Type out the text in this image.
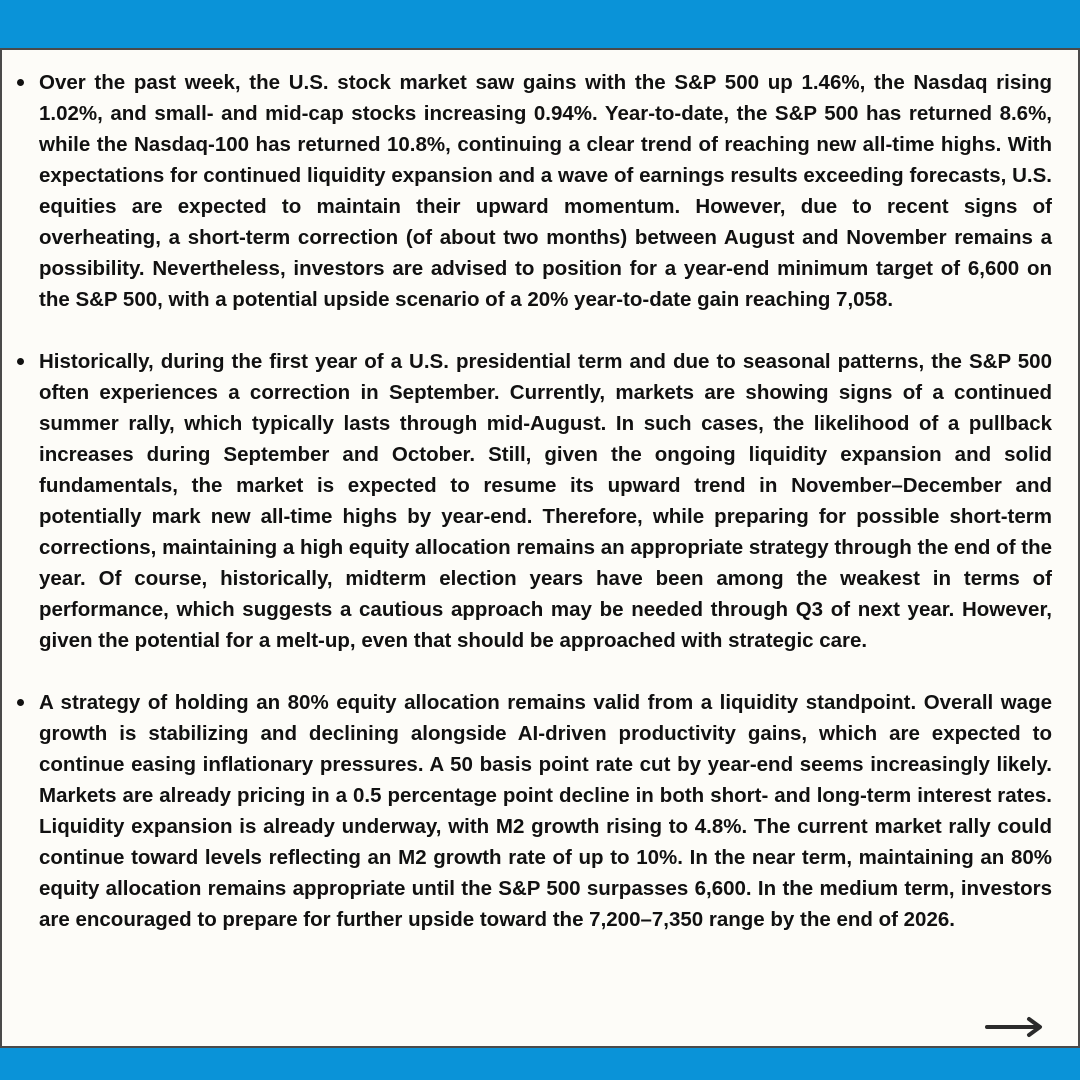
Over the past week, the U.S. stock market saw gains with the S&P 500 up 1.46%, the Nasdaq rising 1.02%, and small- and mid-cap stocks increasing 0.94%. Year-to-date, the S&P 500 has returned 8.6%, while the Nasdaq-100 has returned 10.8%, continuing a clear trend of reaching new all-time highs. With expectations for continued liquidity expansion and a wave of earnings results exceeding forecasts, U.S. equities are expected to maintain their upward momentum. However, due to recent signs of overheating, a short-term correction (of about two months) between August and November remains a possibility. Nevertheless, investors are advised to position for a year-end minimum target of 6,600 on the S&P 500, with a potential upside scenario of a 20% year-to-date gain reaching 7,058.

Historically, during the first year of a U.S. presidential term and due to seasonal patterns, the S&P 500 often experiences a correction in September. Currently, markets are showing signs of a continued summer rally, which typically lasts through mid-August. In such cases, the likelihood of a pullback increases during September and October. Still, given the ongoing liquidity expansion and solid fundamentals, the market is expected to resume its upward trend in November–December and potentially mark new all-time highs by year-end. Therefore, while preparing for possible short-term corrections, maintaining a high equity allocation remains an appropriate strategy through the end of the year. Of course, historically, midterm election years have been among the weakest in terms of performance, which suggests a cautious approach may be needed through Q3 of next year. However, given the potential for a melt-up, even that should be approached with strategic care.

A strategy of holding an 80% equity allocation remains valid from a liquidity standpoint. Overall wage growth is stabilizing and declining alongside AI-driven productivity gains, which are expected to continue easing inflationary pressures. A 50 basis point rate cut by year-end seems increasingly likely. Markets are already pricing in a 0.5 percentage point decline in both short- and long-term interest rates. Liquidity expansion is already underway, with M2 growth rising to 4.8%. The current market rally could continue toward levels reflecting an M2 growth rate of up to 10%. In the near term, maintaining an 80% equity allocation remains appropriate until the S&P 500 surpasses 6,600. In the medium term, investors are encouraged to prepare for further upside toward the 7,200–7,350 range by the end of 2026.
